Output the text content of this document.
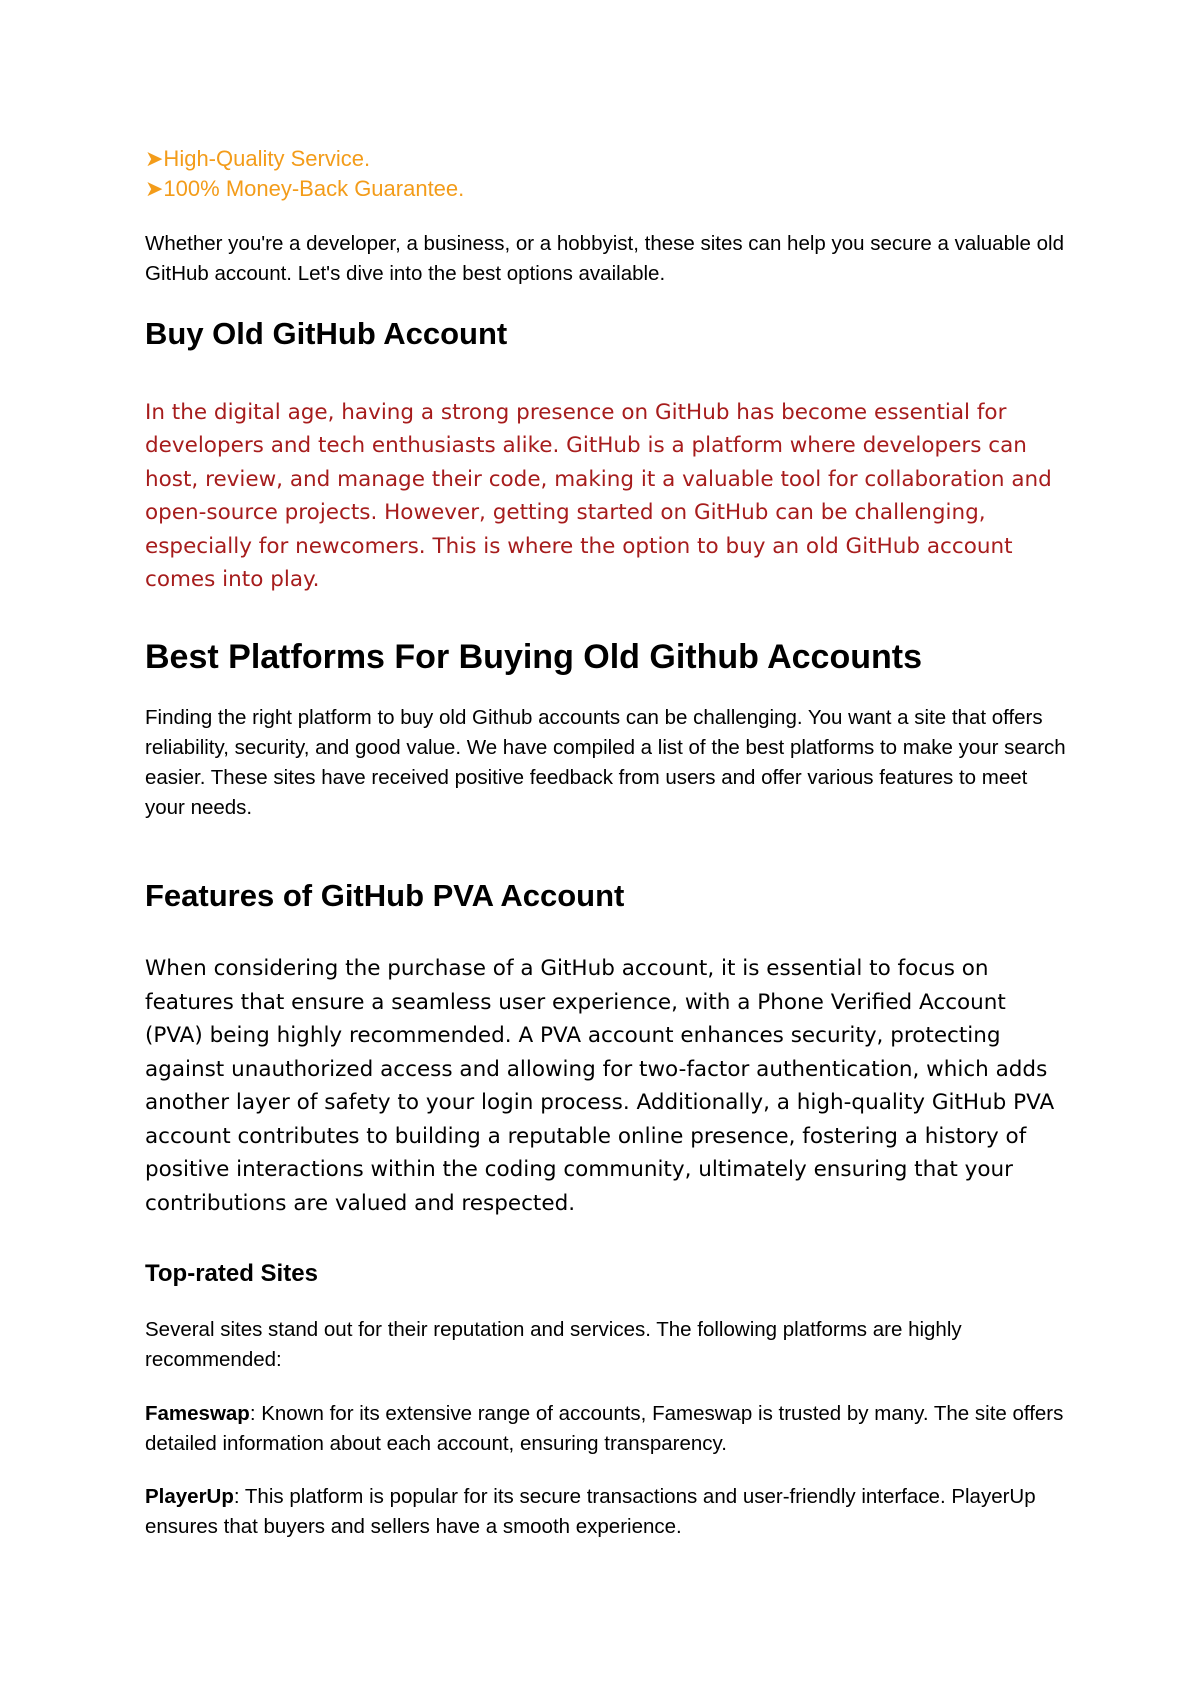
➤High-Quality Service.

➤100% Money-Back Guarantee.

Whether you're a developer, a business, or a hobbyist, these sites can help you secure a valuable old GitHub account. Let's dive into the best options available.

Buy Old GitHub Account

In the digital age, having a strong presence on GitHub has become essential for developers and tech enthusiasts alike. GitHub is a platform where developers can host, review, and manage their code, making it a valuable tool for collaboration and open-source projects. However, getting started on GitHub can be challenging, especially for newcomers. This is where the option to buy an old GitHub account comes into play.

Best Platforms For Buying Old Github Accounts

Finding the right platform to buy old Github accounts can be challenging. You want a site that offers reliability, security, and good value. We have compiled a list of the best platforms to make your search easier. These sites have received positive feedback from users and offer various features to meet your needs.

Features of GitHub PVA Account

When considering the purchase of a GitHub account, it is essential to focus on features that ensure a seamless user experience, with a Phone Verified Account (PVA) being highly recommended. A PVA account enhances security, protecting against unauthorized access and allowing for two-factor authentication, which adds another layer of safety to your login process. Additionally, a high-quality GitHub PVA account contributes to building a reputable online presence, fostering a history of positive interactions within the coding community, ultimately ensuring that your contributions are valued and respected.

Top-rated Sites

Several sites stand out for their reputation and services. The following platforms are highly recommended:

Fameswap: Known for its extensive range of accounts, Fameswap is trusted by many. The site offers detailed information about each account, ensuring transparency.

PlayerUp: This platform is popular for its secure transactions and user-friendly interface. PlayerUp ensures that buyers and sellers have a smooth experience.
